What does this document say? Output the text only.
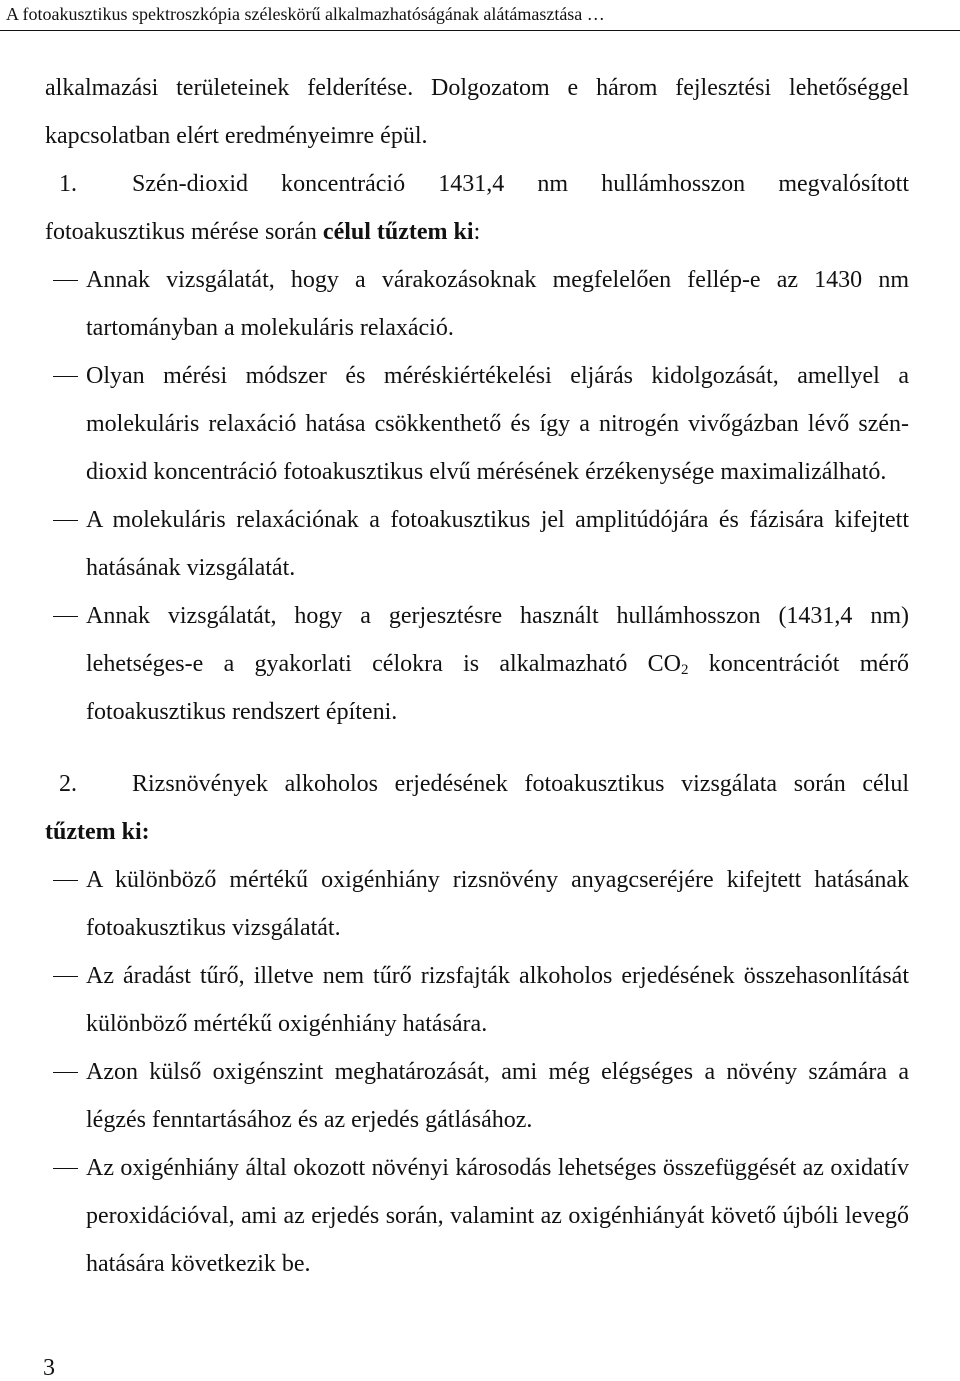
A fotoakusztikus spektroszkópia széleskörű alkalmazhatóságának alátámasztása …

alkalmazási területeinek felderítése. Dolgozatom e három fejlesztési lehetőséggel kapcsolatban elért eredményeimre épül.

1. Szén-dioxid koncentráció 1431,4 nm hullámhosszon megvalósított fotoakusztikus mérése során célul tűztem ki:

Annak vizsgálatát, hogy a várakozásoknak megfelelően fellép-e az 1430 nm tartományban a molekuláris relaxáció.

Olyan mérési módszer és méréskiértékelési eljárás kidolgozását, amellyel a molekuláris relaxáció hatása csökkenthető és így a nitrogén vivőgázban lévő szén-dioxid koncentráció fotoakusztikus elvű mérésének érzékenysége maximalizálható.

A molekuláris relaxációnak a fotoakusztikus jel amplitúdójára és fázisára kifejtett hatásának vizsgálatát.

Annak vizsgálatát, hogy a gerjesztésre használt hullámhosszon (1431,4 nm) lehetséges-e a gyakorlati célokra is alkalmazható $CO_2$ koncentrációt mérő fotoakusztikus rendszert építeni.

2. Rizsnövények alkoholos erjedésének fotoakusztikus vizsgálata során célul tűztem ki:

A különböző mértékű oxigénhiány rizsnövény anyagcseréjére kifejtett hatásának fotoakusztikus vizsgálatát.

Az áradást tűrő, illetve nem tűrő rizsfajták alkoholos erjedésének összehasonlítását különböző mértékű oxigénhiány hatására.

Azon külső oxigénszint meghatározását, ami még elégséges a növény számára a légzés fenntartásához és az erjedés gátlásához.

Az oxigénhiány által okozott növényi károsodás lehetséges összefüggését az oxidatív peroxidációval, ami az erjedés során, valamint az oxigénhiányát követő újbóli levegő hatására következik be.

3
